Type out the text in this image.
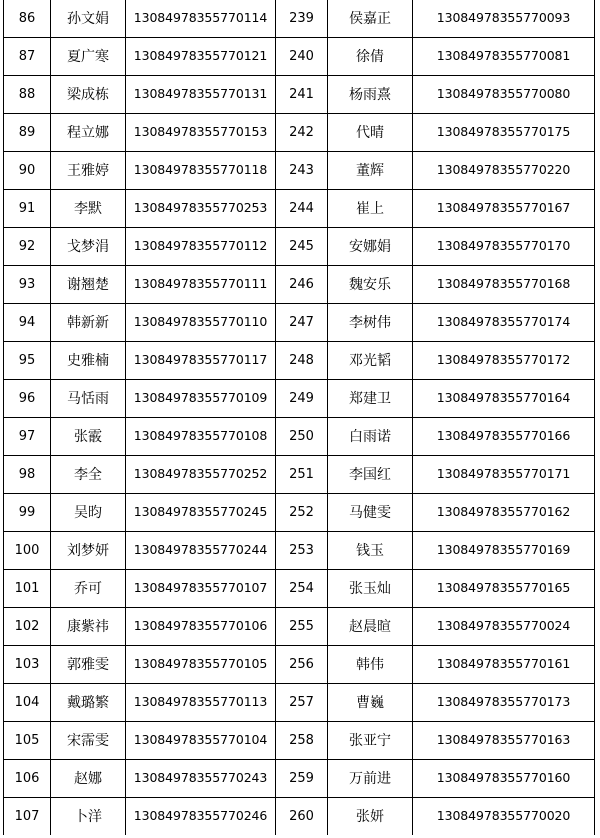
86	孙文娟	13084978355770114	239	侯嘉正	13084978355770093
87	夏广寒	13084978355770121	240	徐倩	13084978355770081
88	梁成栋	13084978355770131	241	杨雨熹	13084978355770080
89	程立娜	13084978355770153	242	代晴	13084978355770175
90	王雅婷	13084978355770118	243	董辉	13084978355770220
91	李默	13084978355770253	244	崔上	13084978355770167
92	戈梦涓	13084978355770112	245	安娜娟	13084978355770170
93	谢翘楚	13084978355770111	246	魏安乐	13084978355770168
94	韩新新	13084978355770110	247	李树伟	13084978355770174
95	史雅楠	13084978355770117	248	邓光韬	13084978355770172
96	马恬雨	13084978355770109	249	郑建卫	13084978355770164
97	张霰	13084978355770108	250	白雨诺	13084978355770166
98	李全	13084978355770252	251	李国红	13084978355770171
99	吴昀	13084978355770245	252	马健雯	13084978355770162
100	刘梦妍	13084978355770244	253	钱玉	13084978355770169
101	乔可	13084978355770107	254	张玉灿	13084978355770165
102	康紫祎	13084978355770106	255	赵晨暄	13084978355770024
103	郭雅雯	13084978355770105	256	韩伟	13084978355770161
104	戴璐繁	13084978355770113	257	曹巍	13084978355770173
105	宋霈雯	13084978355770104	258	张亚宁	13084978355770163
106	赵娜	13084978355770243	259	万前进	13084978355770160
107	卜洋	13084978355770246	260	张妍	13084978355770020
